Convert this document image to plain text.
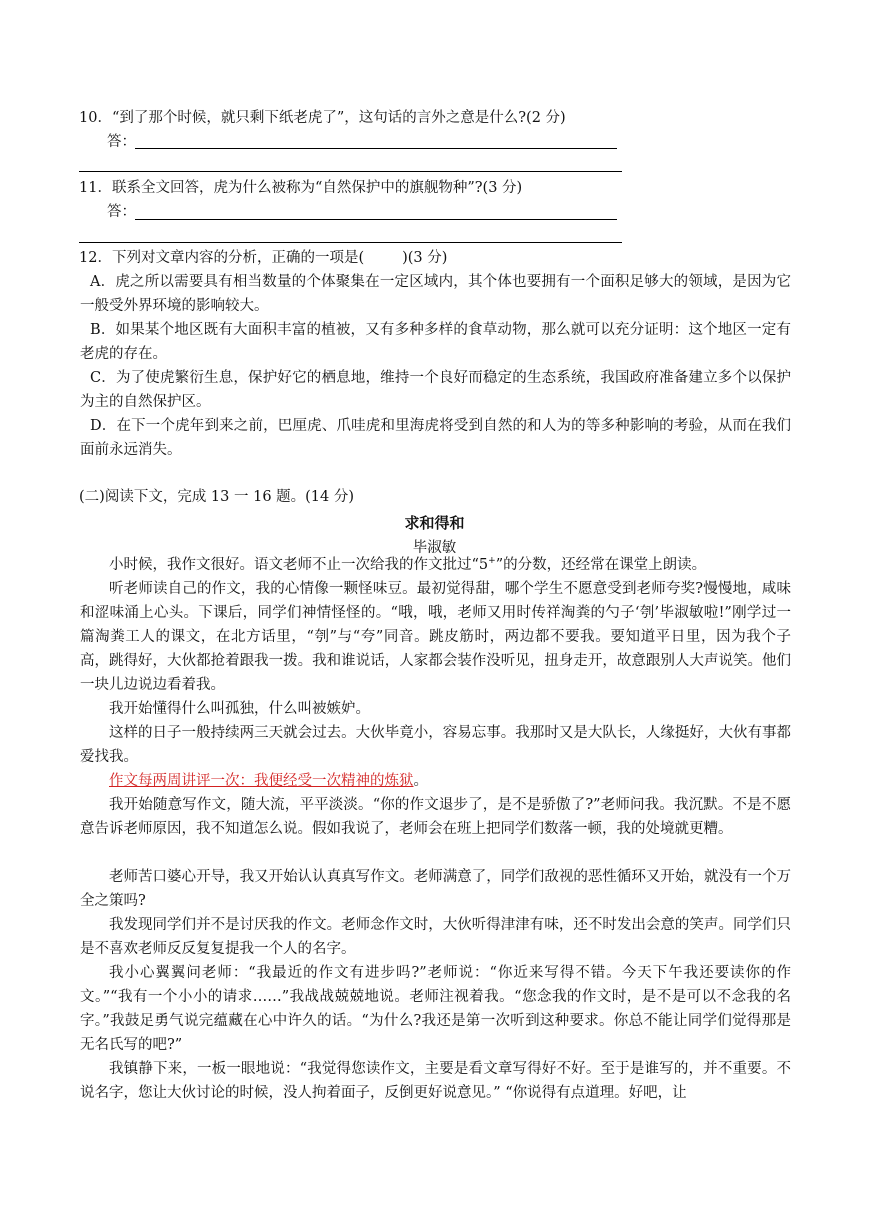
10．“到了那个时候，就只剩下纸老虎了”，这句话的言外之意是什么?(2 分)
答：
11．联系全文回答，虎为什么被称为“自然保护中的旗舰物种”?(3 分)
答：
12．下列对文章内容的分析，正确的一项是(	)(3 分)
A．虎之所以需要具有相当数量的个体聚集在一定区域内，其个体也要拥有一个面积足够大的领域，是因为它一般受外界环境的影响较大。
B．如果某个地区既有大面积丰富的植被，又有多种多样的食草动物，那么就可以充分证明：这个地区一定有老虎的存在。
C．为了使虎繁衍生息，保护好它的栖息地，维持一个良好而稳定的生态系统，我国政府准备建立多个以保护为主的自然保护区。
D．在下一个虎年到来之前，巴厘虎、爪哇虎和里海虎将受到自然的和人为的等多种影响的考验，从而在我们面前永远消失。
(二)阅读下文，完成 13 一 16 题。(14 分)
求和得和
毕淑敏
小时候，我作文很好。语文老师不止一次给我的作文批过“5+”的分数，还经常在课堂上朗读。
听老师读自己的作文，我的心情像一颗怪味豆。最初觉得甜，哪个学生不愿意受到老师夸奖?慢慢地，咸味和涩味涌上心头。下课后，同学们神情怪怪的。“哦，哦，老师又用时传祥淘粪的勺子‘刳’毕淑敏啦!”刚学过一篇淘粪工人的课文，在北方话里，“刳”与“夸”同音。跳皮筋时，两边都不要我。要知道平日里，因为我个子高，跳得好，大伙都抢着跟我一拨。我和谁说话，人家都会装作没听见，扭身走开，故意跟别人大声说笑。他们一块儿边说边看着我。
我开始懂得什么叫孤独，什么叫被嫉妒。
这样的日子一般持续两三天就会过去。大伙毕竟小，容易忘事。我那时又是大队长，人缘挺好，大伙有事都爱找我。
作文每两周讲评一次：我便经受一次精神的炼狱。
我开始随意写作文，随大流，平平淡淡。“你的作文退步了，是不是骄傲了?”老师问我。我沉默。不是不愿意告诉老师原因，我不知道怎么说。假如我说了，老师会在班上把同学们数落一顿，我的处境就更糟。
老师苦口婆心开导，我又开始认认真真写作文。老师满意了，同学们敌视的恶性循环又开始，就没有一个万全之策吗?
我发现同学们并不是讨厌我的作文。老师念作文时，大伙听得津津有味，还不时发出会意的笑声。同学们只是不喜欢老师反反复复提我一个人的名字。
我小心翼翼问老师：“我最近的作文有进步吗?”老师说：“你近来写得不错。今天下午我还要读你的作文。”“我有一个小小的请求……”我战战兢兢地说。老师注视着我。“您念我的作文时，是不是可以不念我的名字。”我鼓足勇气说完蕴藏在心中许久的话。“为什么?我还是第一次听到这种要求。你总不能让同学们觉得那是无名氏写的吧?”
我镇静下来，一板一眼地说：“我觉得您读作文，主要是看文章写得好不好。至于是谁写的，并不重要。不说名字，您让大伙讨论的时候，没人拘着面子，反倒更好说意见。” “你说得有点道理。好吧，让
